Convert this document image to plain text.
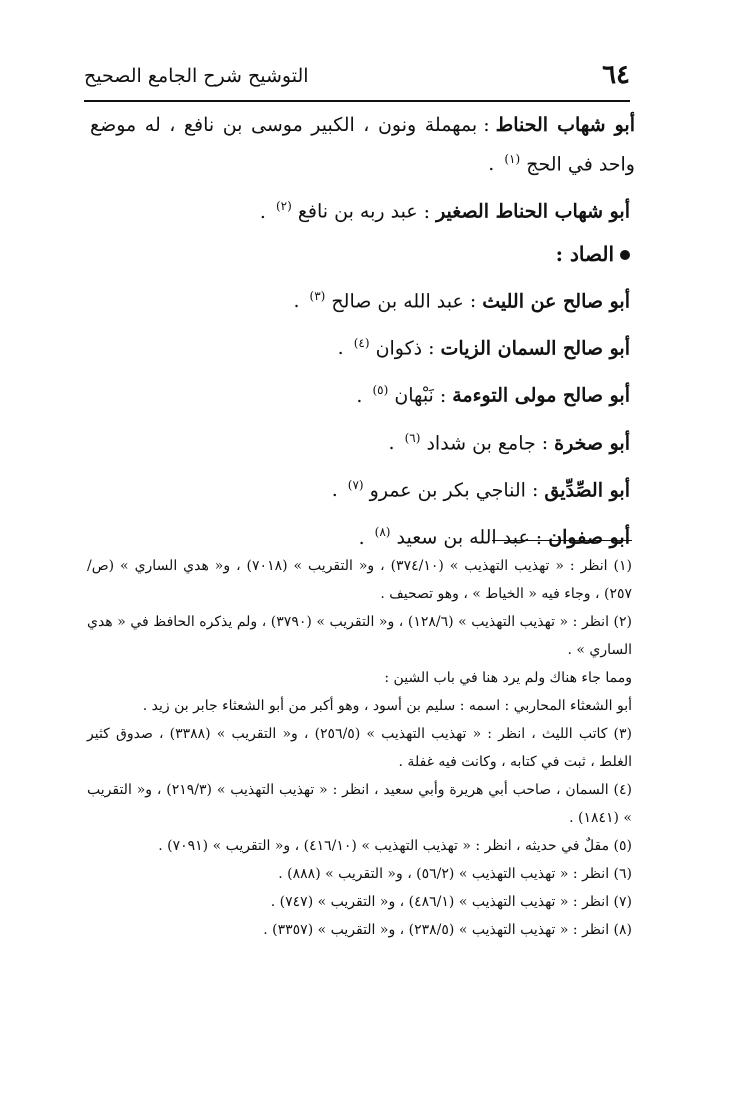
٦٤
التوشيح شرح الجامع الصحيح

أبو شهاب الحناط:بمهملة ونون ، الكبير موسى بن نافع ، له موضع واحد في الحج $^{(١)}$.

أبو شهاب الحناط الصغير:عبد ربه بن نافع $^{(٢)}$.

الصاد :

أبو صالح عن الليث:عبد الله بن صالح $^{(٣)}$.

أبو صالح السمان الزيات:ذكوان $^{(٤)}$.

أبو صالح مولى التوءمة:نَبْهان $^{(٥)}$.

أبو صخرة:جامع بن شداد $^{(٦)}$.

أبو الصِّدِّيق:الناجي بكر بن عمرو $^{(٧)}$.

أبو صفوان:عبد الله بن سعيد $^{(٨)}$.

(١) انظر : « تهذيب التهذيب » (٣٧٤/١٠) ، و« التقريب » (٧٠١٨) ، و« هدي الساري » (ص/٢٥٧) ، وجاء فيه « الخياط » ، وهو تصحيف .

(٢) انظر : « تهذيب التهذيب » (١٢٨/٦) ، و« التقريب » (٣٧٩٠) ، ولم يذكره الحافظ في « هدي الساري » .

ومما جاء هناك ولم يرد هنا في باب الشين :

أبو الشعثاء المحاربي : اسمه : سليم بن أسود ، وهو أكبر من أبو الشعثاء جابر بن زيد .

(٣) كاتب الليث ، انظر : « تهذيب التهذيب » (٢٥٦/٥) ، و« التقريب » (٣٣٨٨) ، صدوق كثير الغلط ، ثبت في كتابه ، وكانت فيه غفلة .

(٤) السمان ، صاحب أبي هريرة وأبي سعيد ، انظر : « تهذيب التهذيب » (٢١٩/٣) ، و« التقريب » (١٨٤١) .

(٥) مقلٌ في حديثه ، انظر : « تهذيب التهذيب » (٤١٦/١٠) ، و« التقريب » (٧٠٩١) .

(٦) انظر : « تهذيب التهذيب » (٥٦/٢) ، و« التقريب » (٨٨٨) .

(٧) انظر : « تهذيب التهذيب » (٤٨٦/١) ، و« التقريب » (٧٤٧) .

(٨) انظر : « تهذيب التهذيب » (٢٣٨/٥) ، و« التقريب » (٣٣٥٧) .
